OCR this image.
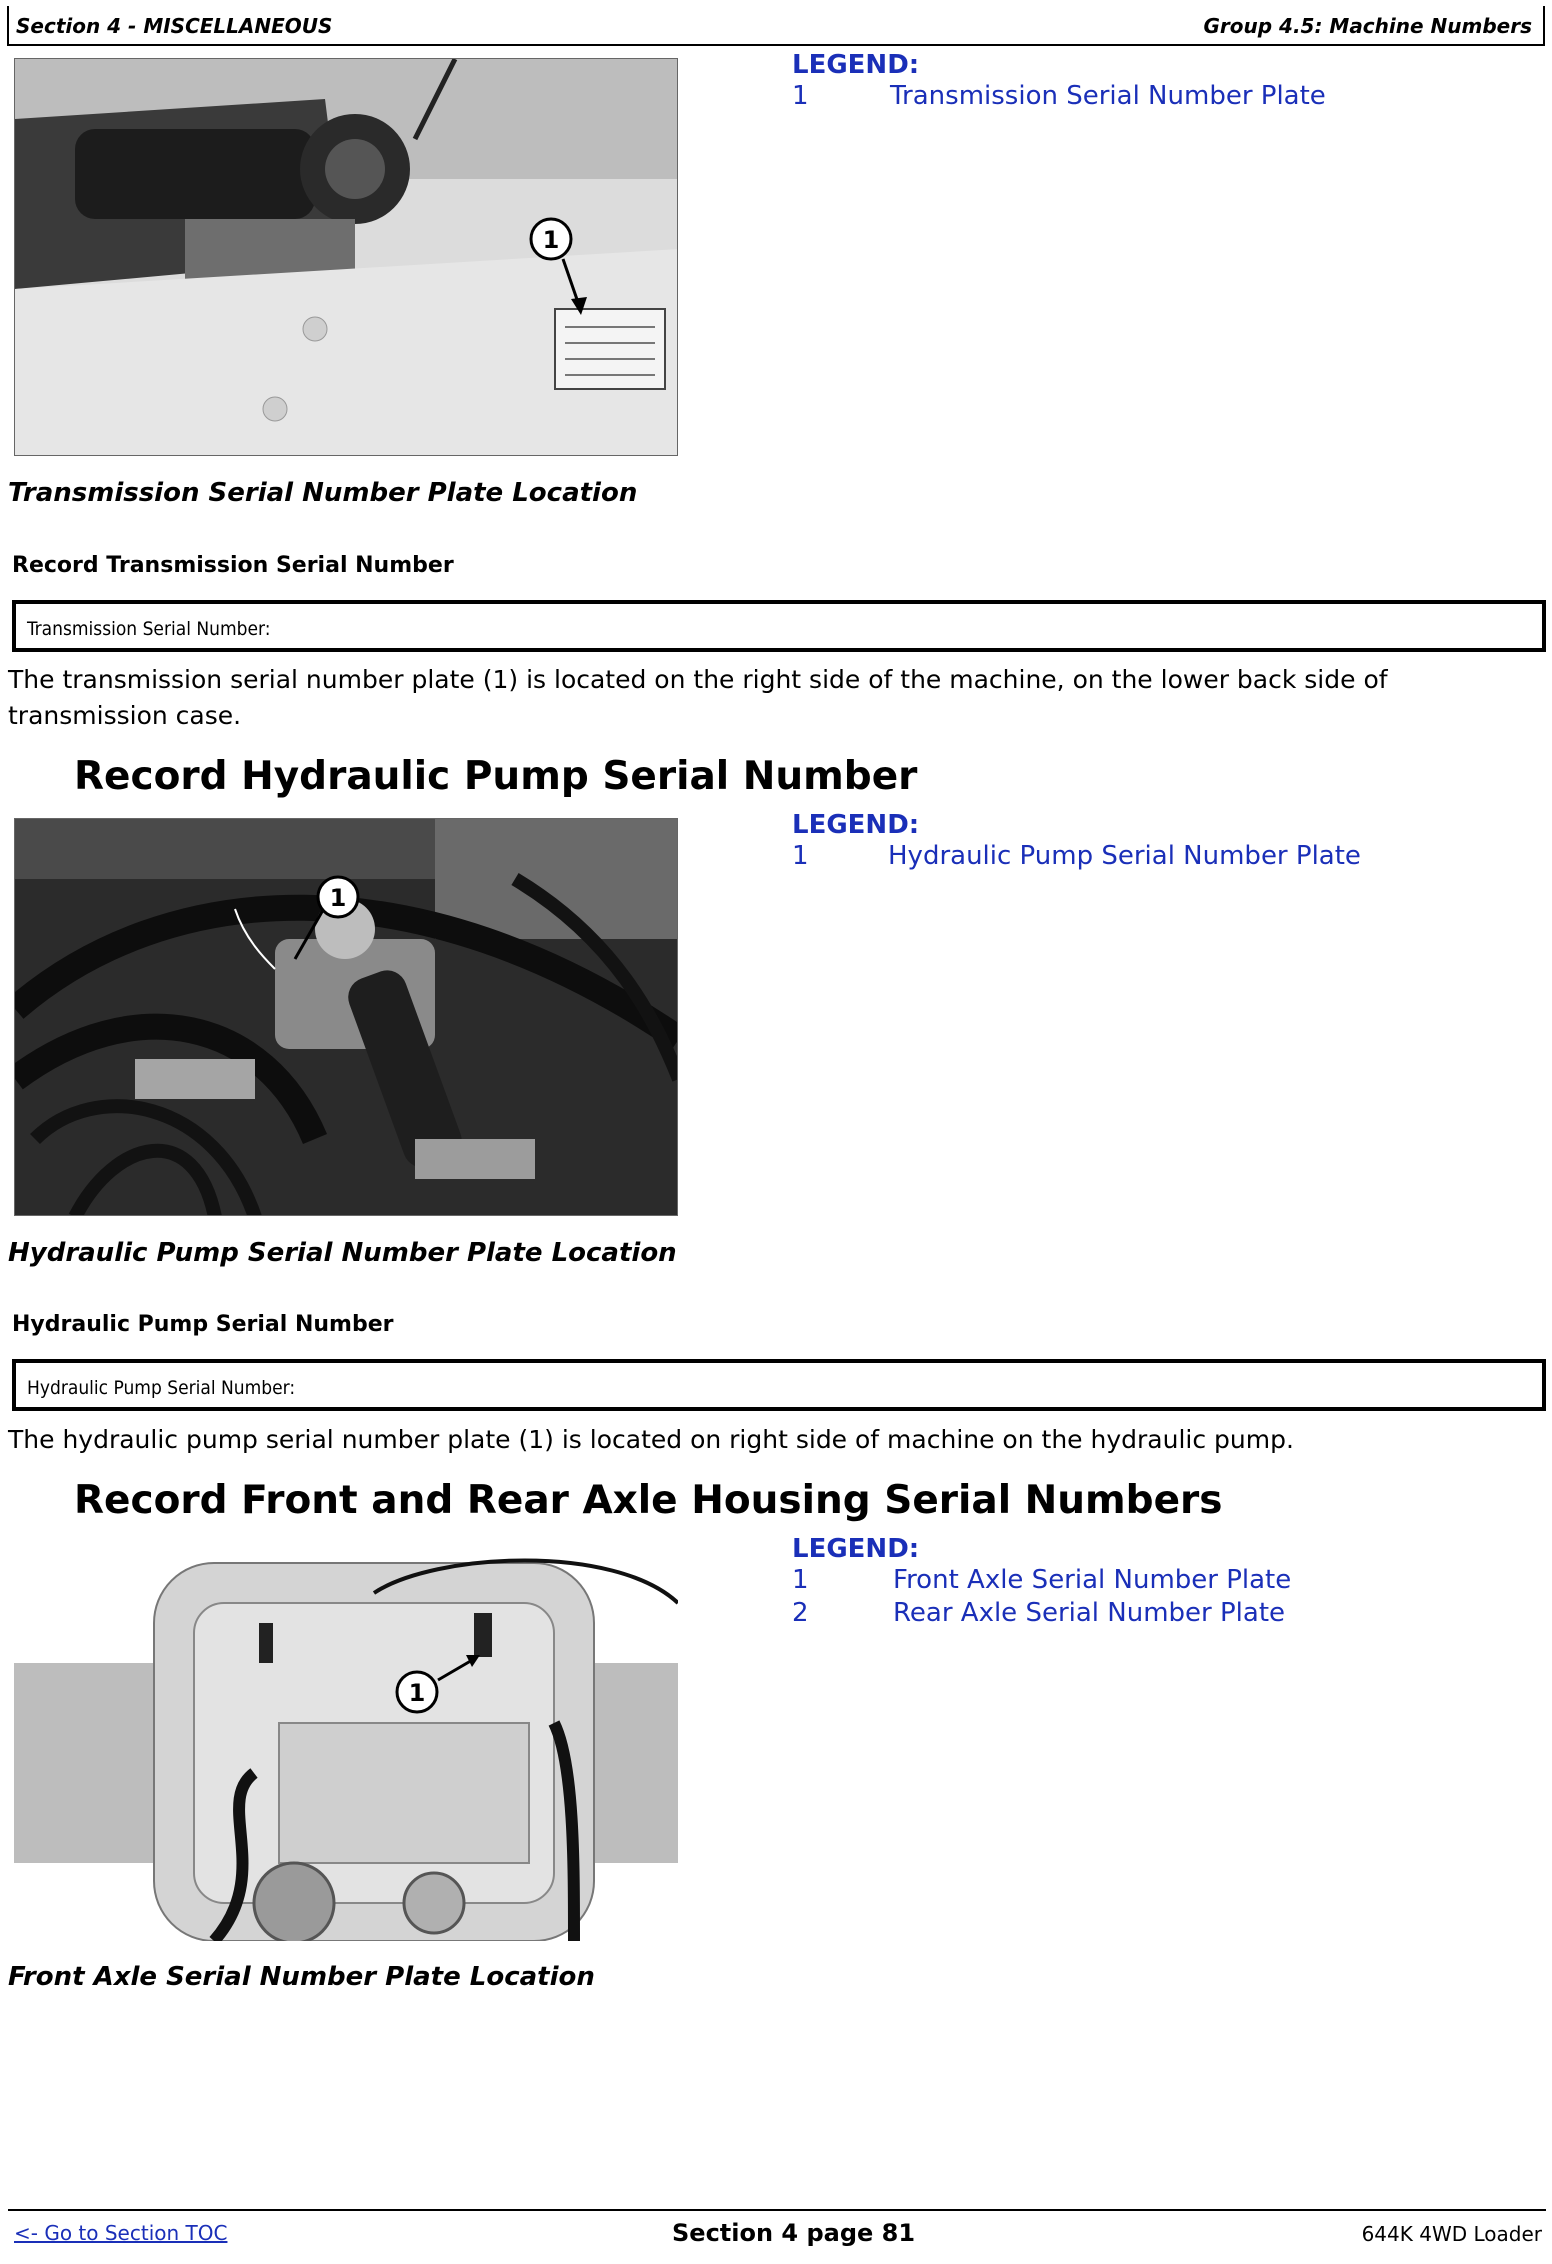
Section 4 - MISCELLANEOUS	Group 4.5: Machine Numbers
1
LEGEND:
1	Transmission Serial Number Plate
Transmission Serial Number Plate Location
Record Transmission Serial Number
Transmission Serial Number:
The transmission serial number plate (1) is located on the right side of the machine, on the lower back side of transmission case.
Record Hydraulic Pump Serial Number
1
LEGEND:
1	Hydraulic Pump Serial Number Plate
Hydraulic Pump Serial Number Plate Location
Hydraulic Pump Serial Number
Hydraulic Pump Serial Number:
The hydraulic pump serial number plate (1) is located on right side of machine on the hydraulic pump.
Record Front and Rear Axle Housing Serial Numbers
1
LEGEND:
1	Front Axle Serial Number Plate
2	Rear Axle Serial Number Plate
Front Axle Serial Number Plate Location
<- Go to Section TOC	Section 4 page 81	644K 4WD Loader
